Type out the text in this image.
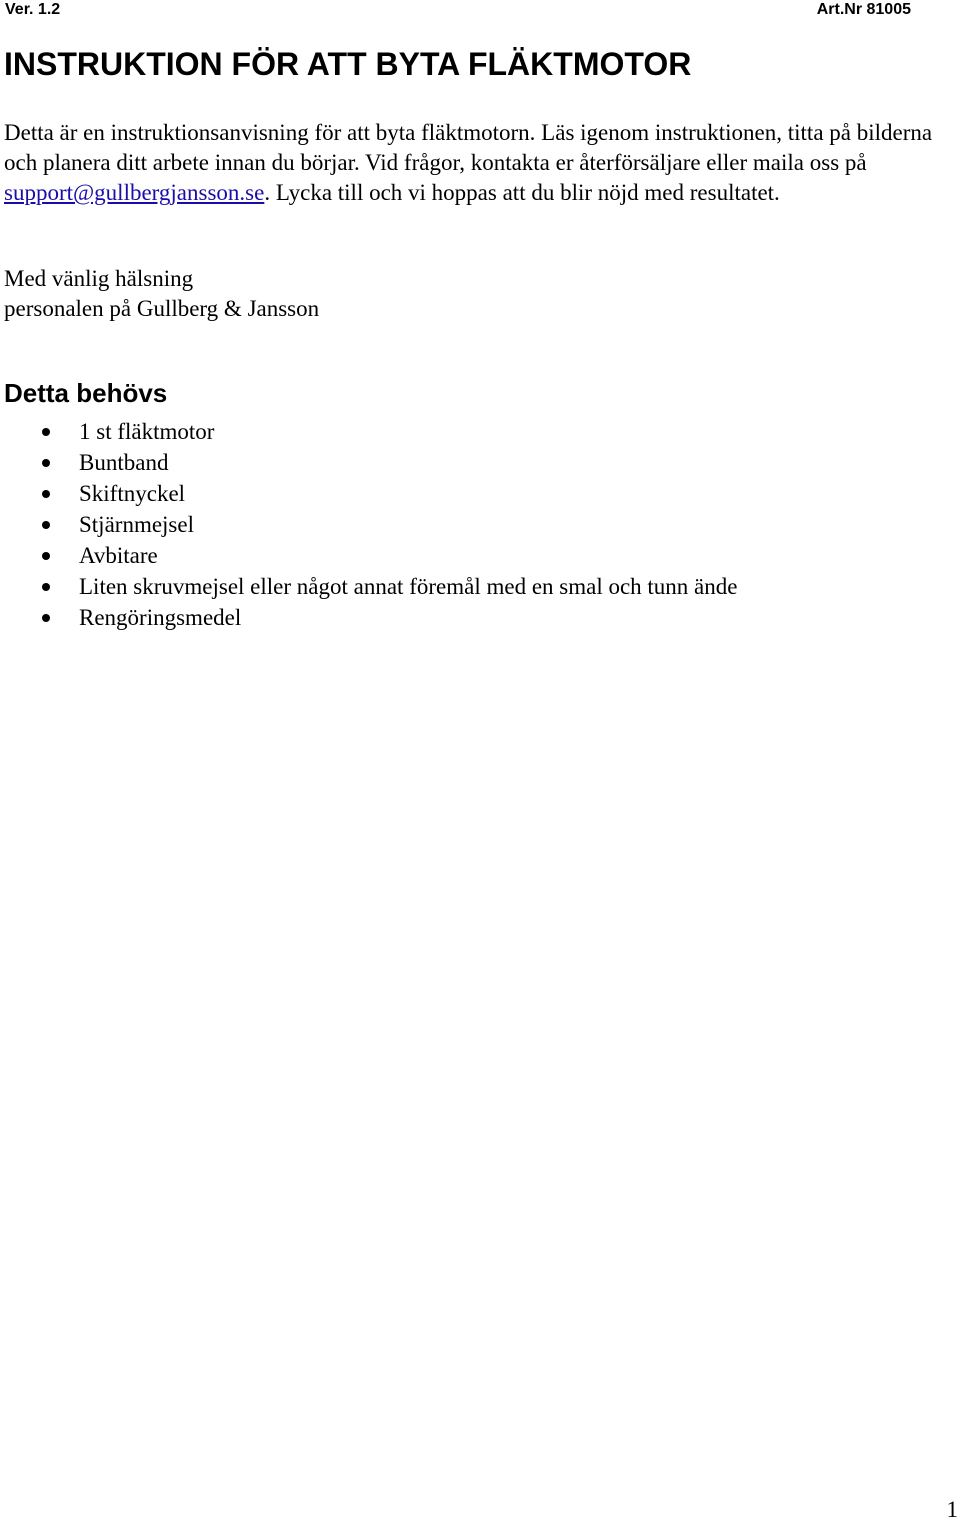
Ver. 1.2	Art.Nr 81005
INSTRUKTION FÖR ATT BYTA FLÄKTMOTOR

Detta är en instruktionsanvisning för att byta fläktmotorn. Läs igenom instruktionen, titta på bilderna och planera ditt arbete innan du börjar. Vid frågor, kontakta er återförsäljare eller maila oss på support@gullbergjansson.se. Lycka till och vi hoppas att du blir nöjd med resultatet.

Med vänlig hälsning
personalen på Gullberg & Jansson

Detta behövs
1 st fläktmotor
Buntband
Skiftnyckel
Stjärnmejsel
Avbitare
Liten skruvmejsel eller något annat föremål med en smal och tunn ände
Rengöringsmedel
1
